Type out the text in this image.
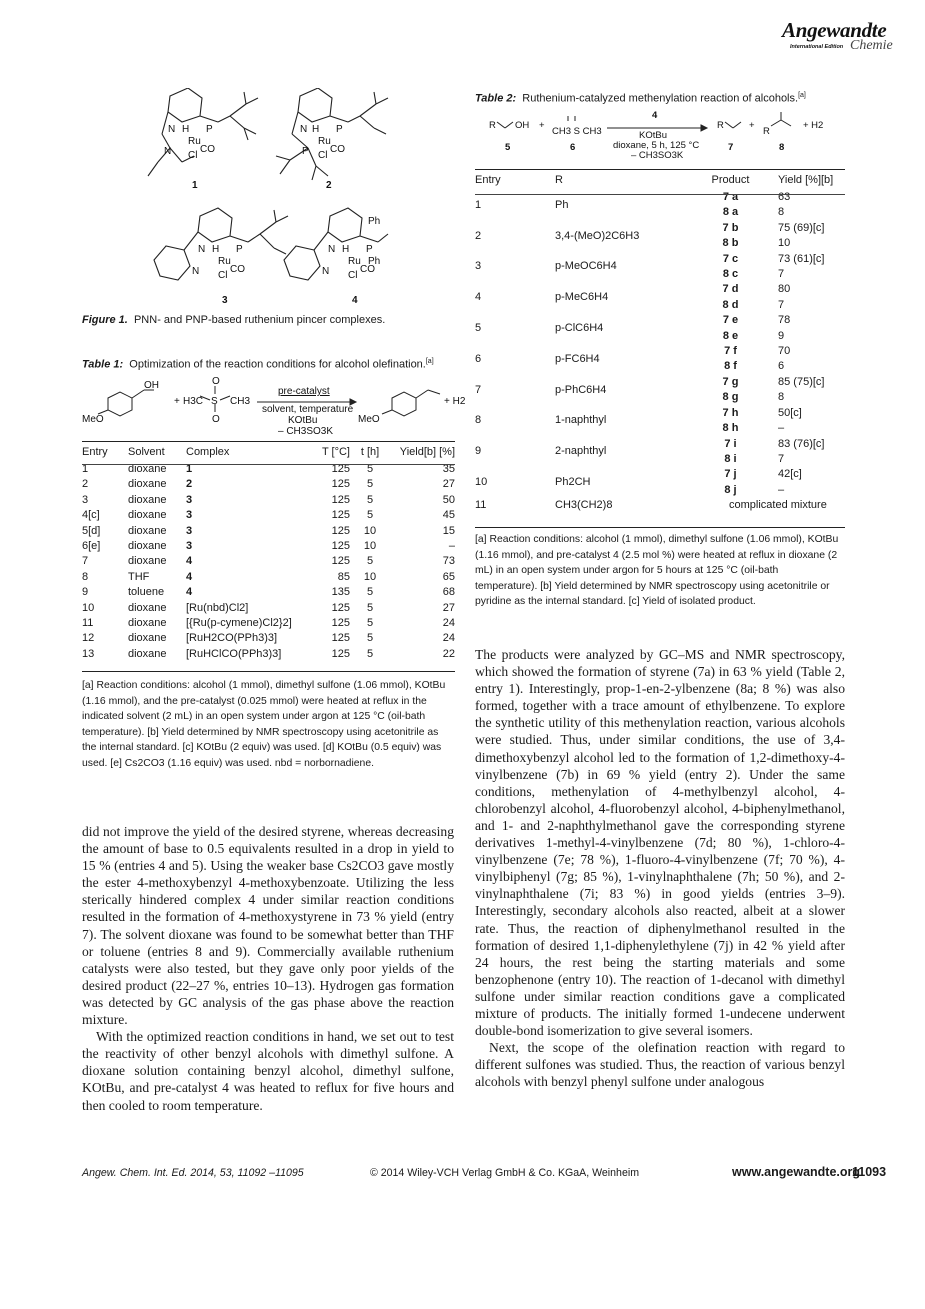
Angewandte
International Edition Chemie
N H P
Ru
Cl
CO
N
1
N H P
Ru
Cl
CO
P
2
N H P
Ru
Cl
CO
N
3
N H P
Ru
Cl
CO
N
Ph
Ph
4
Figure 1. PNN- and PNP-based ruthenium pincer complexes.
Table 1: Optimization of the reaction conditions for alcohol olefination.[a]
OH
MeO
+ H3C S CH3
O
O
pre-catalyst
solvent, temperature
KOtBu
– CH3SO3K
MeO
+ H2
Entry	Solvent	Complex	T [°C]	t [h]	Yield[b] [%]
1	dioxane	1	125	5	35
2	dioxane	2	125	5	27
3	dioxane	3	125	5	50
4[c]	dioxane	3	125	5	45
5[d]	dioxane	3	125	10	15
6[e]	dioxane	3	125	10	–
7	dioxane	4	125	5	73
8	THF	4	85	10	65
9	toluene	4	135	5	68
10	dioxane	[Ru(nbd)Cl2]	125	5	27
11	dioxane	[{Ru(p-cymene)Cl2}2]	125	5	24
12	dioxane	[RuH2CO(PPh3)3]	125	5	24
13	dioxane	[RuHClCO(PPh3)3]	125	5	22
[a] Reaction conditions: alcohol (1 mmol), dimethyl sulfone (1.06 mmol), KOtBu (1.16 mmol), and the pre-catalyst (0.025 mmol) were heated at reflux in the indicated solvent (2 mL) in an open system under argon at 125 °C (oil-bath temperature). [b] Yield determined by NMR spectroscopy using acetonitrile as the internal standard. [c] KOtBu (2 equiv) was used. [d] KOtBu (0.5 equiv) was used. [e] Cs2CO3 (1.16 equiv) was used. nbd = norbornadiene.

did not improve the yield of the desired styrene, whereas decreasing the amount of base to 0.5 equivalents resulted in a drop in yield to 15 % (entries 4 and 5). Using the weaker base Cs2CO3 gave mostly the ester 4-methoxybenzyl 4-methoxybenzoate. Utilizing the less sterically hindered complex 4 under similar reaction conditions resulted in the formation of 4-methoxystyrene in 73 % yield (entry 7). The solvent dioxane was found to be somewhat better than THF or toluene (entries 8 and 9). Commercially available ruthenium catalysts were also tested, but they gave only poor yields of the desired product (22–27 %, entries 10–13). Hydrogen gas formation was detected by GC analysis of the gas phase above the reaction mixture.

With the optimized reaction conditions in hand, we set out to test the reactivity of other benzyl alcohols with dimethyl sulfone. A dioxane solution containing benzyl alcohol, dimethyl sulfone, KOtBu, and pre-catalyst 4 was heated to reflux for five hours and then cooled to room temperature.

Table 2: Ruthenium-catalyzed methenylation reaction of alcohols.[a]
R OH +
CH3 S CH3
5	6
4
KOtBu
dioxane, 5 h, 125 °C
– CH3SO3K
R	+
R
+ H2
7	8
Entry	R	Product	Yield [%][b]
1	Ph	7 a	63
		8 a	8
2	3,4-(MeO)2C6H3	7 b	75 (69)[c]
		8 b	10
3	p-MeOC6H4	7 c	73 (61)[c]
		8 c	7
4	p-MeC6H4	7 d	80
		8 d	7
5	p-ClC6H4	7 e	78
		8 e	9
6	p-FC6H4	7 f	70
		8 f	6
7	p-PhC6H4	7 g	85 (75)[c]
		8 g	8
8	1-naphthyl	7 h	50[c]
		8 h	–
9	2-naphthyl	7 i	83 (76)[c]
		8 i	7
10	Ph2CH	7 j	42[c]
		8 j	–
11	CH3(CH2)8	complicated mixture	
[a] Reaction conditions: alcohol (1 mmol), dimethyl sulfone (1.06 mmol), KOtBu (1.16 mmol), and pre-catalyst 4 (2.5 mol %) were heated at reflux in dioxane (2 mL) in an open system under argon for 5 hours at 125 °C (oil-bath temperature). [b] Yield determined by NMR spectroscopy using acetonitrile or pyridine as the internal standard. [c] Yield of isolated product.

The products were analyzed by GC–MS and NMR spectroscopy, which showed the formation of styrene (7a) in 63 % yield (Table 2, entry 1). Interestingly, prop-1-en-2-ylbenzene (8a; 8 %) was also formed, together with a trace amount of ethylbenzene. To explore the synthetic utility of this methenylation reaction, various alcohols were studied. Thus, under similar conditions, the use of 3,4-dimethoxybenzyl alcohol led to the formation of 1,2-dimethoxy-4-vinylbenzene (7b) in 69 % yield (entry 2). Under the same conditions, methenylation of 4-methylbenzyl alcohol, 4-chlorobenzyl alcohol, 4-fluorobenzyl alcohol, 4-biphenylmethanol, and 1- and 2-naphthylmethanol gave the corresponding styrene derivatives 1-methyl-4-vinylbenzene (7d; 80 %), 1-chloro-4-vinylbenzene (7e; 78 %), 1-fluoro-4-vinylbenzene (7f; 70 %), 4-vinylbiphenyl (7g; 85 %), 1-vinylnaphthalene (7h; 50 %), and 2-vinylnaphthalene (7i; 83 %) in good yields (entries 3–9). Interestingly, secondary alcohols also reacted, albeit at a slower rate. Thus, the reaction of diphenylmethanol resulted in the formation of desired 1,1-diphenylethylene (7j) in 42 % yield after 24 hours, the rest being the starting materials and some benzophenone (entry 10). The reaction of 1-decanol with dimethyl sulfone under similar reaction conditions gave a complicated mixture of products. The initially formed 1-undecene underwent double-bond isomerization to give several isomers.

Next, the scope of the olefination reaction with regard to different sulfones was studied. Thus, the reaction of various benzyl alcohols with benzyl phenyl sulfone under analogous

Angew. Chem. Int. Ed. 2014, 53, 11092 –11095	© 2014 Wiley-VCH Verlag GmbH & Co. KGaA, Weinheim	www.angewandte.org
11093
